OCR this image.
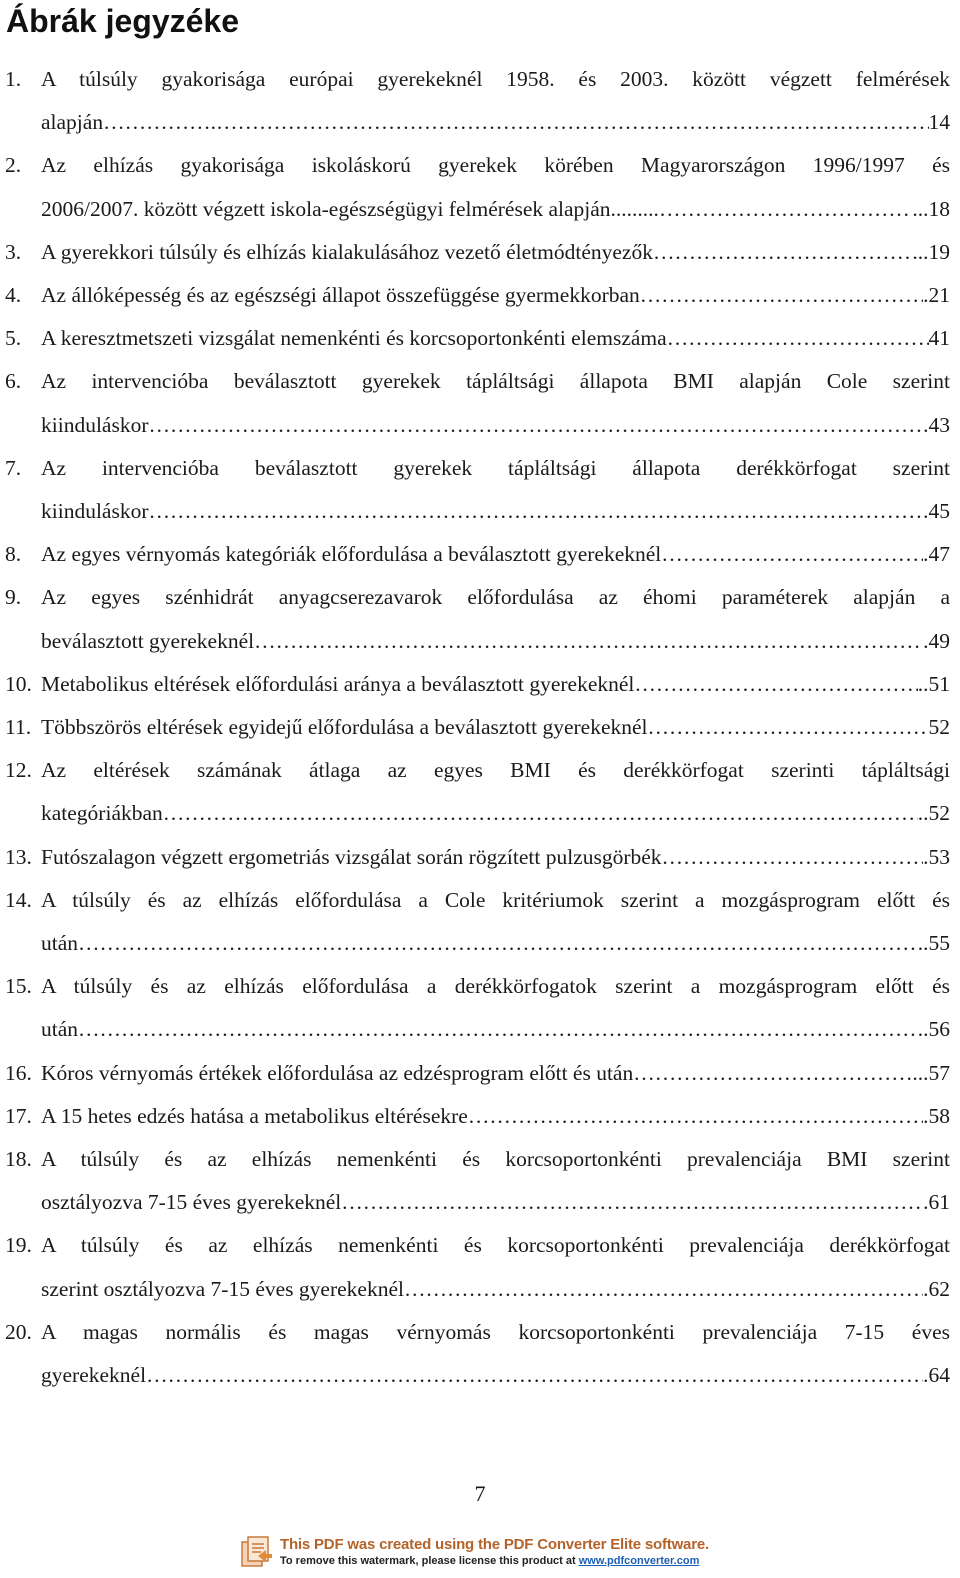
Ábrák jegyzéke
1. A túlsúly gyakorisága európai gyerekeknél 1958. és 2003. között végzett felmérések
alapján……………. ………………………………………………………………………………………………………………………………………………………	14
2. Az elhízás gyakorisága iskoláskorú gyerekek körében Magyarországon 1996/1997 és
2006/2007. között végzett iskola-egészségügyi felmérések alapján......... ………………………………………………………………………………………………………………………………………………………	...18
3. A gyerekkori túlsúly és elhízás kialakulásához vezető életmódtényezők ………………………………………………………………………………………………………………………………………………………	...19
4. Az állóképesség és az egészségi állapot összefüggése gyermekkorban ………………………………………………………………………………………………………………………………………………………	.21
5. A keresztmetszeti vizsgálat nemenkénti és korcsoportonkénti elemszáma ………………………………………………………………………………………………………………………………………………………	41
6. Az intervencióba beválasztott gyerekek tápláltsági állapota BMI alapján Cole szerint
kiinduláskor ………………………………………………………………………………………………………………………………………………………	.43
7. Az intervencióba beválasztott gyerekek tápláltsági állapota derékkörfogat szerint
kiinduláskor ………………………………………………………………………………………………………………………………………………………	.45
8. Az egyes vérnyomás kategóriák előfordulása a beválasztott gyerekeknél ………………………………………………………………………………………………………………………………………………………	.47
9. Az egyes szénhidrát anyagcserezavarok előfordulása az éhomi paraméterek alapján a
beválasztott gyerekeknél ………………………………………………………………………………………………………………………………………………………	.49
10. Metabolikus eltérések előfordulási aránya a beválasztott gyerekeknél ………………………………………………………………………………………………………………………………………………………	..51
11. Többszörös eltérések egyidejű előfordulása a beválasztott gyerekeknél ………………………………………………………………………………………………………………………………………………………	52
12. Az eltérések számának átlaga az egyes BMI és derékkörfogat szerinti tápláltsági
kategóriákban ………………………………………………………………………………………………………………………………………………………	..52
13. Futószalagon végzett ergometriás vizsgálat során rögzített pulzusgörbék ………………………………………………………………………………………………………………………………………………………	.53
14. A túlsúly és az elhízás előfordulása a Cole kritériumok szerint a mozgásprogram előtt és
után ………………………………………………………………………………………………………………………………………………………	..55
15. A túlsúly és az elhízás előfordulása a derékkörfogatok szerint a mozgásprogram előtt és
után ………………………………………………………………………………………………………………………………………………………	..56
16. Kóros vérnyomás értékek előfordulása az edzésprogram előtt és után ………………………………………………………………………………………………………………………………………………………	...57
17. A 15 hetes edzés hatása a metabolikus eltérésekre ………………………………………………………………………………………………………………………………………………………	.58
18. A túlsúly és az elhízás nemenkénti és korcsoportonkénti prevalenciája BMI szerint
osztályozva 7-15 éves gyerekeknél ………………………………………………………………………………………………………………………………………………………	.61
19. A túlsúly és az elhízás nemenkénti és korcsoportonkénti prevalenciája derékkörfogat
szerint osztályozva 7-15 éves gyerekeknél ………………………………………………………………………………………………………………………………………………………	.62
20. A magas normális és magas vérnyomás korcsoportonkénti prevalenciája 7-15 éves
gyerekeknél ………………………………………………………………………………………………………………………………………………………	.64
7
This PDF was created using the PDF Converter Elite software.
To remove this watermark, please license this product at www.pdfconverter.com
